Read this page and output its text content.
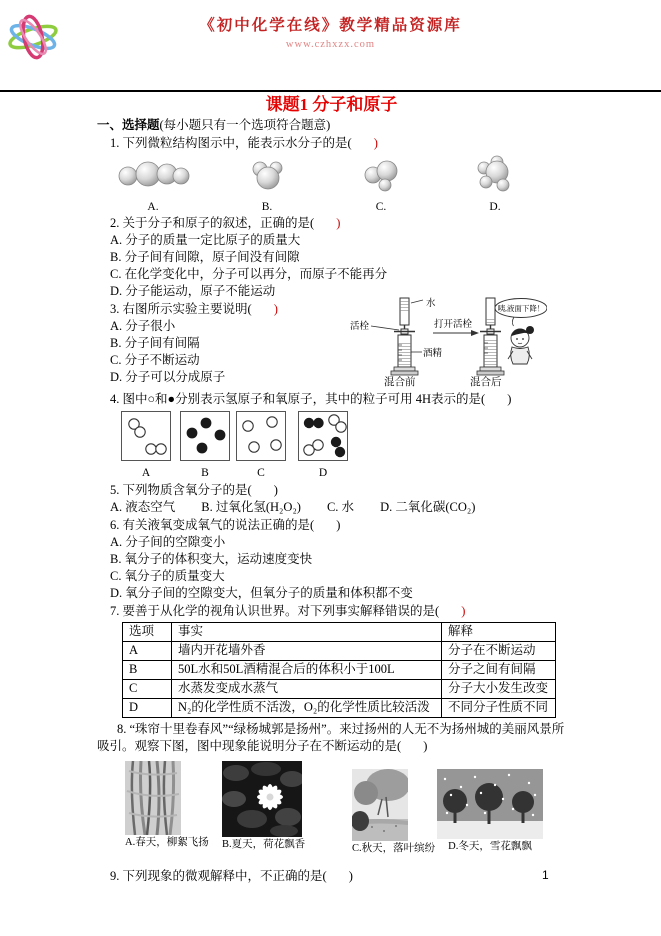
《初中化学在线》教学精品资源库
www.czhxzx.com
课题1 分子和原子
一、选择题(每小题只有一个选项符合题意)
1. 下列微粒结构图示中，能表示水分子的是( )
A.	B.	C.	D.
2. 关于分子和原子的叙述，正确的是( )
A. 分子的质量一定比原子的质量大
B. 分子间有间隙，原子间没有间隙
C. 在化学变化中，分子可以再分，而原子不能再分
D. 分子能运动，原子不能运动
3. 右图所示实验主要说明( )
A. 分子很小
B. 分子间有间隔
C. 分子不断运动
D. 分子可以分成原子
水
活栓
酒精
混合前
打开活栓
混合后
咦,液面下降！
4. 图中○和●分别表示氢原子和氧原子，其中的粒子可用 4H表示的是( )
A	B	C	D
5. 下列物质含氧分子的是( )
A. 液态空气 B. 过氧化氢(H₂O₂) C. 水 D. 二氧化碳(CO₂)
6. 有关液氧变成氧气的说法正确的是( )
A. 分子间的空隙变小
B. 氧分子的体积变大，运动速度变快
C. 氧分子的质量变大
D. 氧分子间的空隙变大，但氧分子的质量和体积都不变
7. 要善于从化学的视角认识世界。对下列事实解释错误的是( )
选项	事实	解释
A	墙内开花墙外香	分子在不断运动
B	50L水和50L酒精混合后的体积小于100L	分子之间有间隔
C	水蒸发变成水蒸气	分子大小发生改变
D	N₂的化学性质不活泼，O₂的化学性质比较活泼	不同分子性质不同
8. “珠帘十里卷春风”“绿杨城郭是扬州”。来过扬州的人无不为扬州城的美丽风景所
吸引。观察下图，图中现象能说明分子在不断运动的是( )
A.春天，柳絮飞扬 B.夏天，荷花飘香	C.秋天，落叶缤纷	D.冬天，雪花飘飘
9. 下列现象的微观解释中，不正确的是( )	1
